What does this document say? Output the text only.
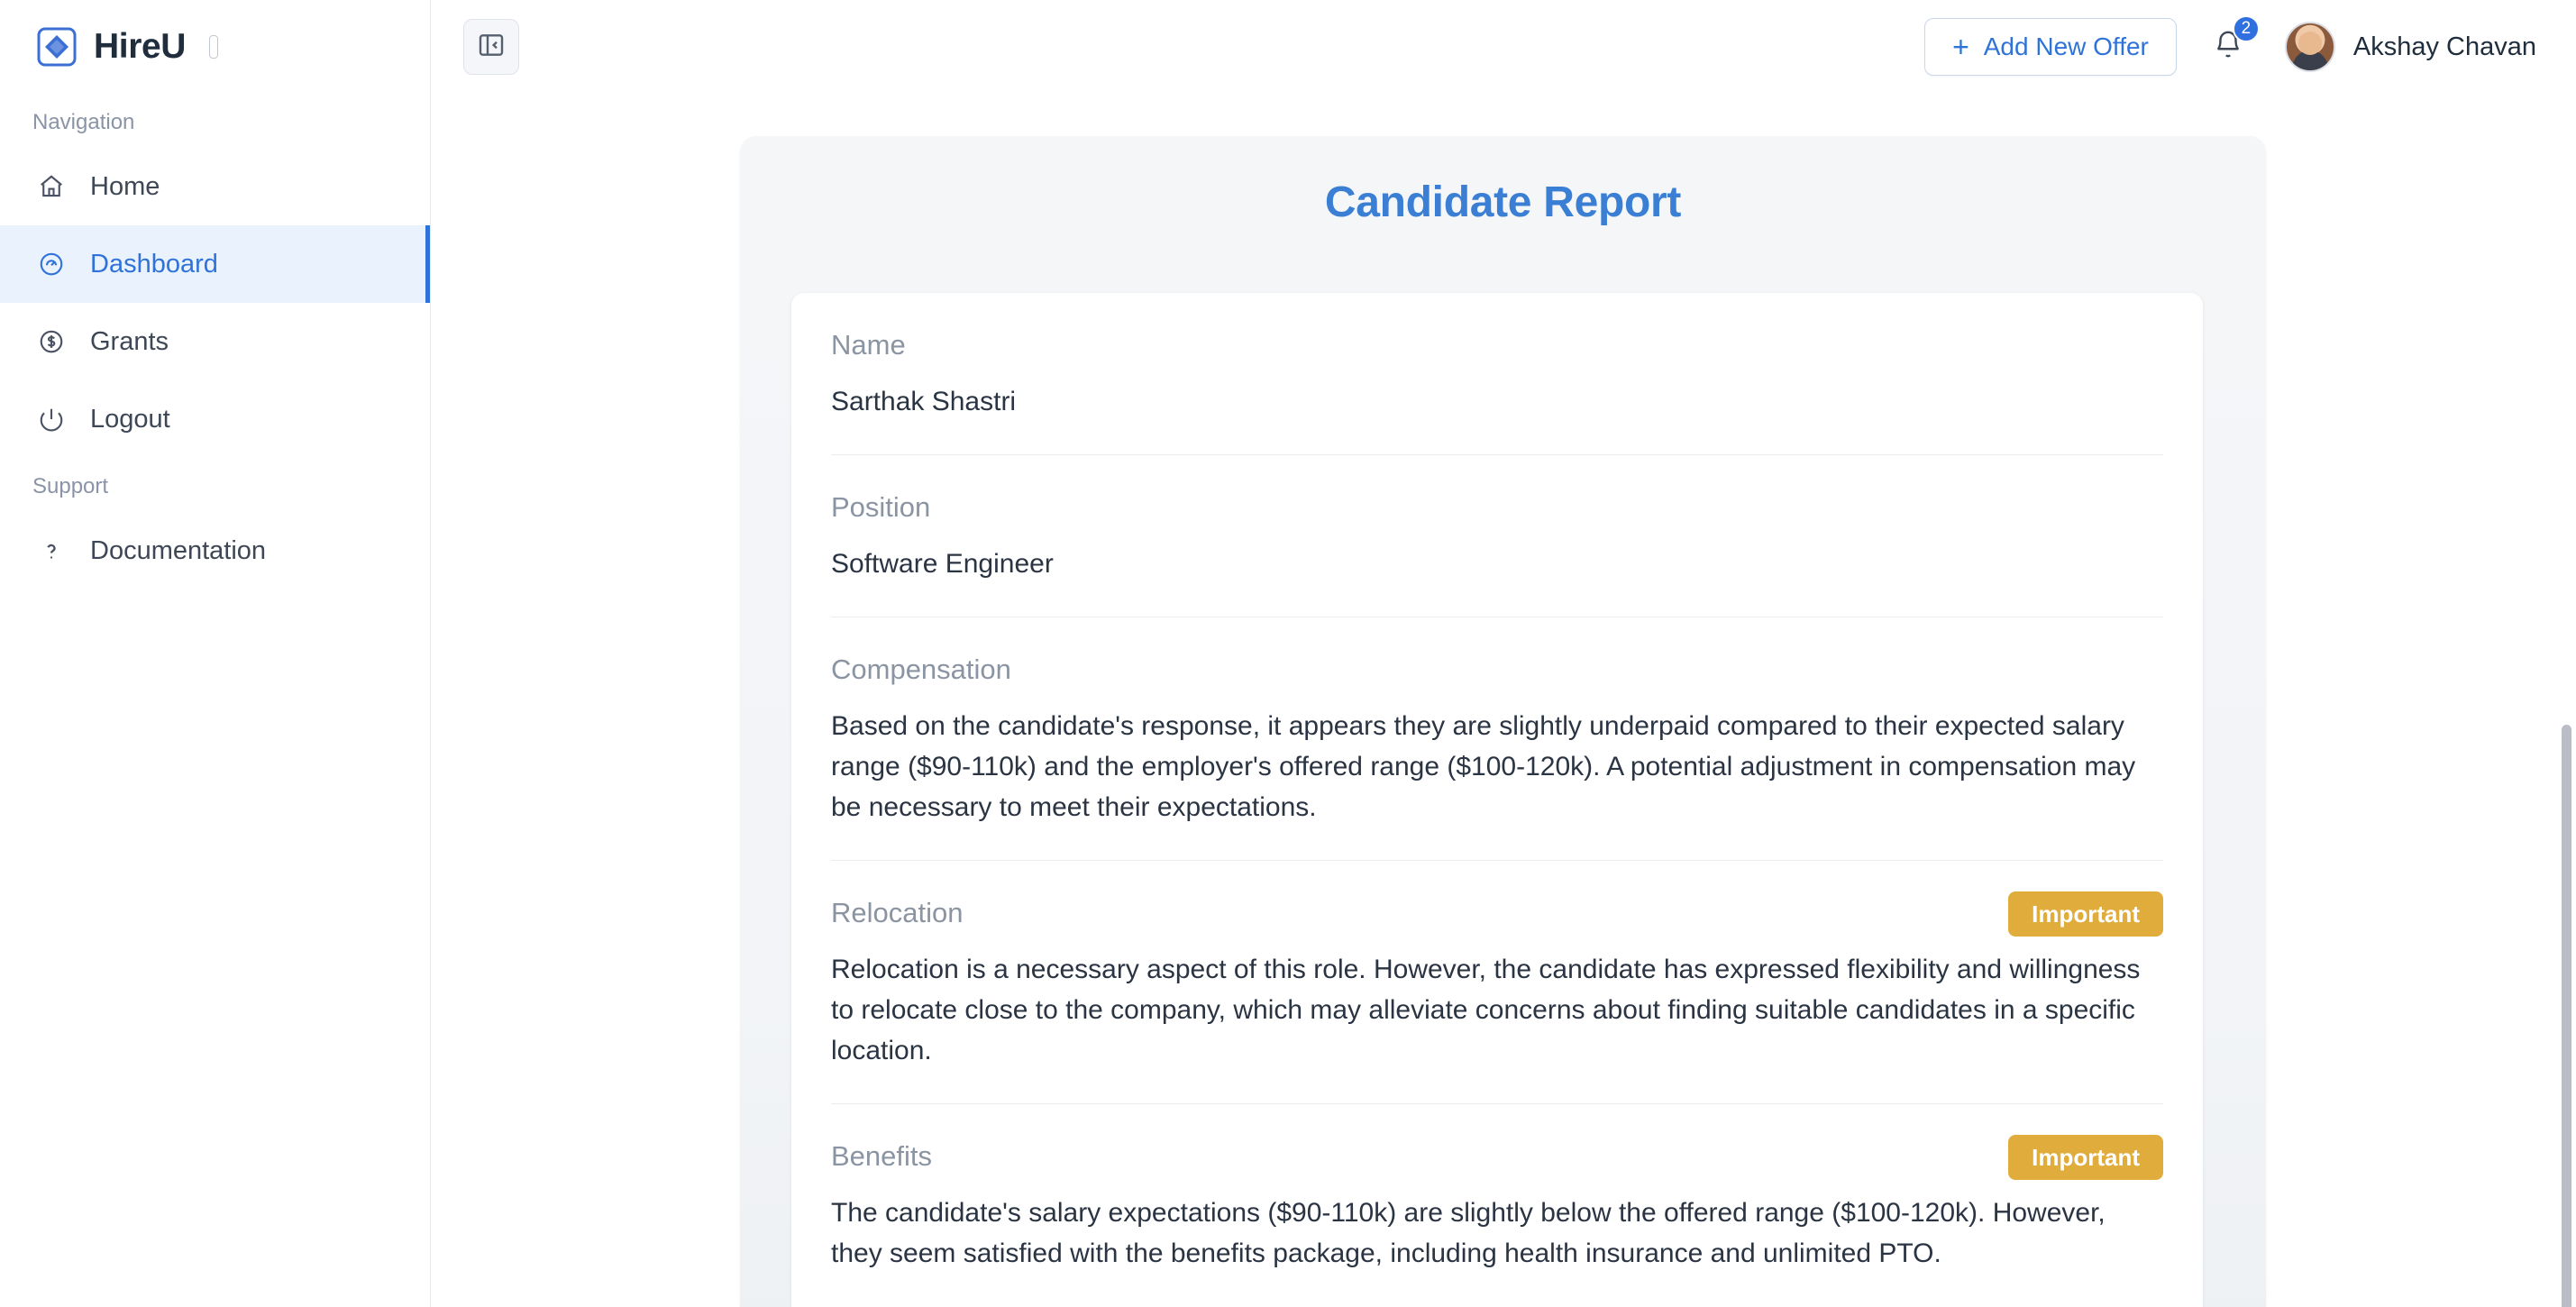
HireU
Navigation
Home
Dashboard
Grants
Logout
Support
Documentation
+ Add New Offer
2
Akshay Chavan
Candidate Report
Name
Sarthak Shastri
Position
Software Engineer
Compensation
Based on the candidate's response, it appears they are slightly underpaid compared to their expected salary range ($90-110k) and the employer's offered range ($100-120k). A potential adjustment in compensation may be necessary to meet their expectations.
Relocation	Important
Relocation is a necessary aspect of this role. However, the candidate has expressed flexibility and willingness to relocate close to the company, which may alleviate concerns about finding suitable candidates in a specific location.
Benefits	Important
The candidate's salary expectations ($90-110k) are slightly below the offered range ($100-120k). However, they seem satisfied with the benefits package, including health insurance and unlimited PTO.
